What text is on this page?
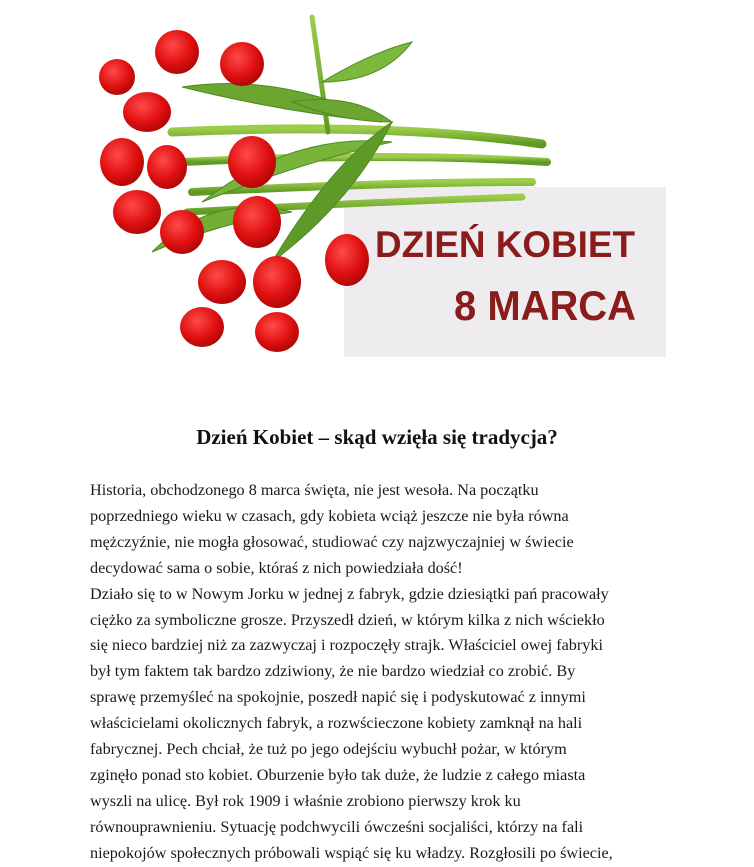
DZIEŃ KOBIET
8 MARCA
Dzień Kobiet – skąd wzięła się tradycja?
Historia, obchodzonego 8 marca święta, nie jest wesoła. Na początku
poprzedniego wieku w czasach, gdy kobieta wciąż jeszcze nie była równa
mężczyźnie, nie mogła głosować, studiować czy najzwyczajniej w świecie
decydować sama o sobie, któraś z nich powiedziała dość!
Działo się to w Nowym Jorku w jednej z fabryk, gdzie dziesiątki pań pracowały
ciężko za symboliczne grosze. Przyszedł dzień, w którym kilka z nich wściekło
się nieco bardziej niż za zazwyczaj i rozpoczęły strajk. Właściciel owej fabryki
był tym faktem tak bardzo zdziwiony, że nie bardzo wiedział co zrobić. By
sprawę przemyśleć na spokojnie, poszedł napić się i podyskutować z innymi
właścicielami okolicznych fabryk, a rozwścieczone kobiety zamknął na hali
fabrycznej. Pech chciał, że tuż po jego odejściu wybuchł pożar, w którym
zginęło ponad sto kobiet. Oburzenie było tak duże, że ludzie z całego miasta
wyszli na ulicę. Był rok 1909 i właśnie zrobiono pierwszy krok ku
równouprawnieniu. Sytuację podchwycili ówcześni socjaliści, którzy na fali
niepokojów społecznych próbowali wspiąć się ku władzy. Rozgłosili po świecie,
